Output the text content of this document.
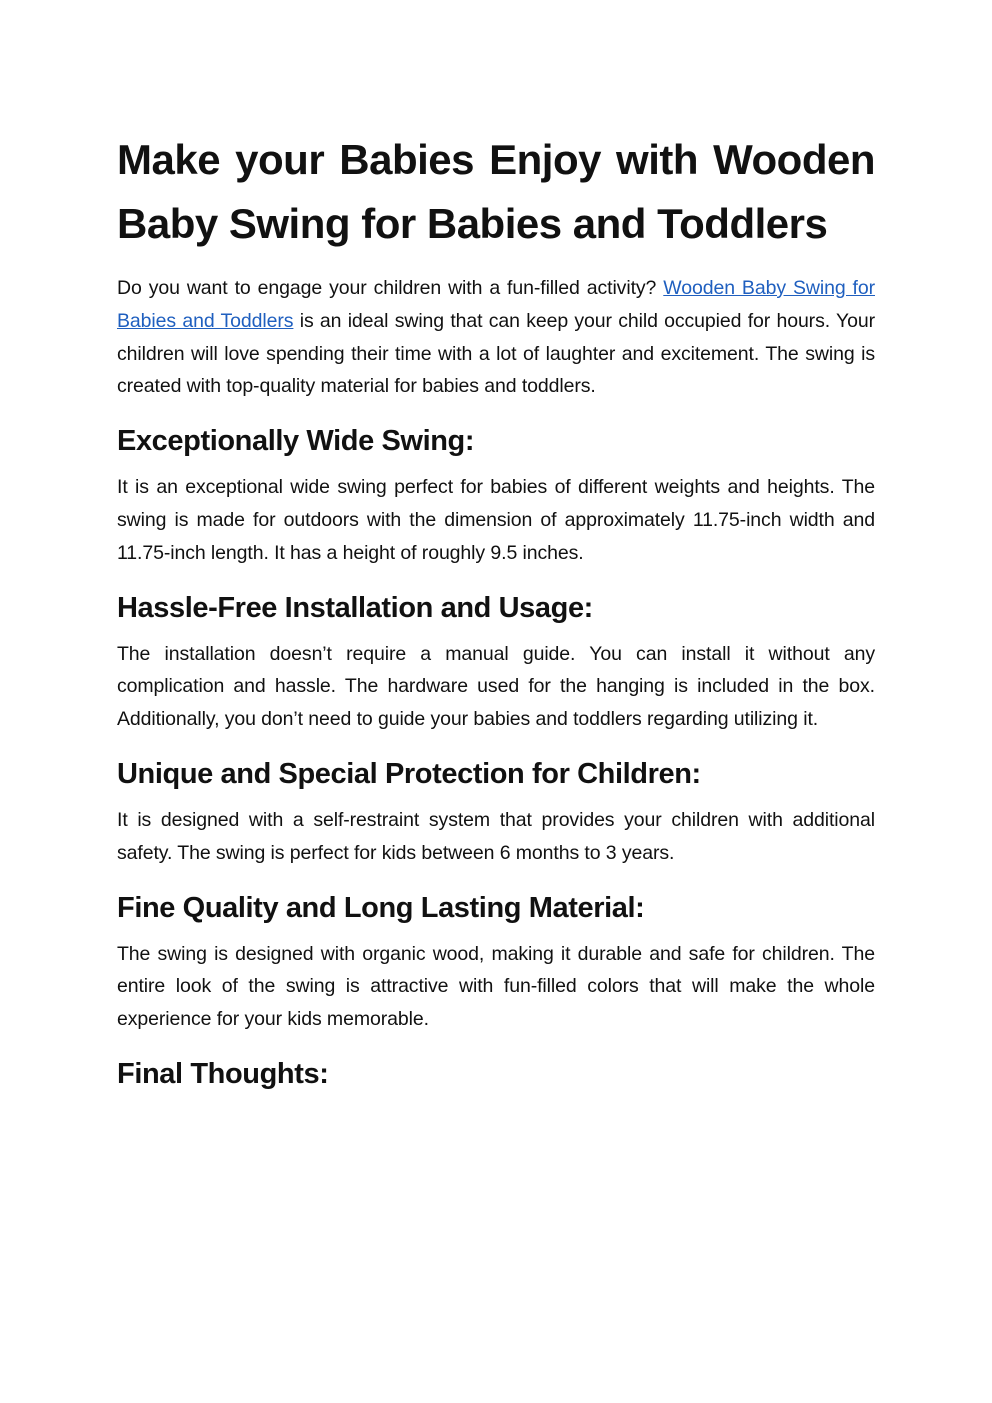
Make your Babies Enjoy with Wooden
Baby Swing for Babies and Toddlers

Do you want to engage your children with a fun-filled activity? Wooden Baby Swing for Babies and Toddlers is an ideal swing that can keep your child occupied for hours. Your children will love spending their time with a lot of laughter and excitement. The swing is created with top-quality material for babies and toddlers.

Exceptionally Wide Swing:

It is an exceptional wide swing perfect for babies of different weights and heights. The swing is made for outdoors with the dimension of approximately 11.75-inch width and 11.75-inch length. It has a height of roughly 9.5 inches.

Hassle-Free Installation and Usage:

The installation doesn’t require a manual guide. You can install it without any complication and hassle. The hardware used for the hanging is included in the box. Additionally, you don’t need to guide your babies and toddlers regarding utilizing it.

Unique and Special Protection for Children:

It is designed with a self-restraint system that provides your children with additional safety. The swing is perfect for kids between 6 months to 3 years.

Fine Quality and Long Lasting Material:

The swing is designed with organic wood, making it durable and safe for children. The entire look of the swing is attractive with fun-filled colors that will make the whole experience for your kids memorable.

Final Thoughts:
